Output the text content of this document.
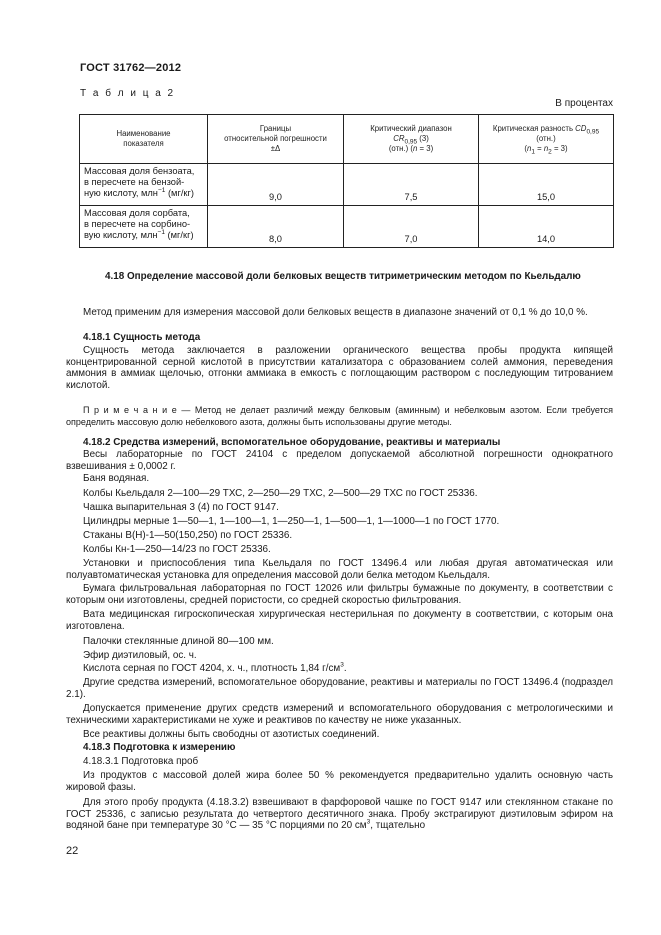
ГОСТ 31762—2012
Т а б л и ц а 2
В процентах
Наименование
показателя	Границы
относительной погрешности
±Δ	Критический диапазон
$CR_{0,95}$ (3)
(отн.) (n = 3)	Критическая разность $CD_{0,95}$
(отн.)
$(n_1 = n_2 = 3)$
Массовая доля бензоата,
в пересчете на бензой-
ную кислоту, млн$^{-1}$ (мг/кг)	9,0	7,5	15,0
Массовая доля сорбата,
в пересчете на сорбино-
вую кислоту, млн$^{-1}$ (мг/кг)	8,0	7,0	14,0
4.18 Определение массовой доли белковых веществ титриметрическим методом по Кьельдалю
Метод применим для измерения массовой доли белковых веществ в диапазоне значений от 0,1 % до 10,0 %.
4.18.1 Сущность метода
Сущность метода заключается в разложении органического вещества пробы продукта кипящей концентрированной серной кислотой в присутствии катализатора с образованием солей аммония, переведения аммония в аммиак щелочью, отгонки аммиака в емкость с поглощающим раствором с последующим титрованием кислотой.
П р и м е ч а н и е — Метод не делает различий между белковым (аминным) и небелковым азотом. Если требуется определить массовую долю небелкового азота, должны быть использованы другие методы.
4.18.2 Средства измерений, вспомогательное оборудование, реактивы и материалы
Весы лабораторные по ГОСТ 24104 с пределом допускаемой абсолютной погрешности однократного взвешивания ± 0,0002 г.
Баня водяная.
Колбы Кьельдаля 2—100—29 ТХС, 2—250—29 ТХС, 2—500—29 ТХС по ГОСТ 25336.
Чашка выпарительная 3 (4) по ГОСТ 9147.
Цилиндры мерные 1—50—1, 1—100—1, 1—250—1, 1—500—1, 1—1000—1 по ГОСТ 1770.
Стаканы В(Н)-1—50(150,250) по ГОСТ 25336.
Колбы Кн-1—250—14/23 по ГОСТ 25336.
Установки и приспособления типа Кьельдаля по ГОСТ 13496.4 или любая другая автоматическая или полуавтоматическая установка для определения массовой доли белка методом Кьельдаля.
Бумага фильтровальная лабораторная по ГОСТ 12026 или фильтры бумажные по документу, в соответствии с которым они изготовлены, средней пористости, со средней скоростью фильтрования.
Вата медицинская гигроскопическая хирургическая нестерильная по документу в соответствии, с которым она изготовлена.
Палочки стеклянные длиной 80—100 мм.
Эфир диэтиловый, ос. ч.
Кислота серная по ГОСТ 4204, х. ч., плотность 1,84 $г/см^3$.
Другие средства измерений, вспомогательное оборудование, реактивы и материалы по ГОСТ 13496.4 (подраздел 2.1).
Допускается применение других средств измерений и вспомогательного оборудования с метрологическими и техническими характеристиками не хуже и реактивов по качеству не ниже указанных.
Все реактивы должны быть свободны от азотистых соединений.
4.18.3 Подготовка к измерению
4.18.3.1 Подготовка проб
Из продуктов с массовой долей жира более 50 % рекомендуется предварительно удалить основную часть жировой фазы.
Для этого пробу продукта (4.18.3.2) взвешивают в фарфоровой чашке по ГОСТ 9147 или стеклянном стакане по ГОСТ 25336, с записью результата до четвертого десятичного знака. Пробу экстрагируют диэтиловым эфиром на водяной бане при температуре 30 °С — 35 °С порциями по 20 $см^3$, тщательно
22
